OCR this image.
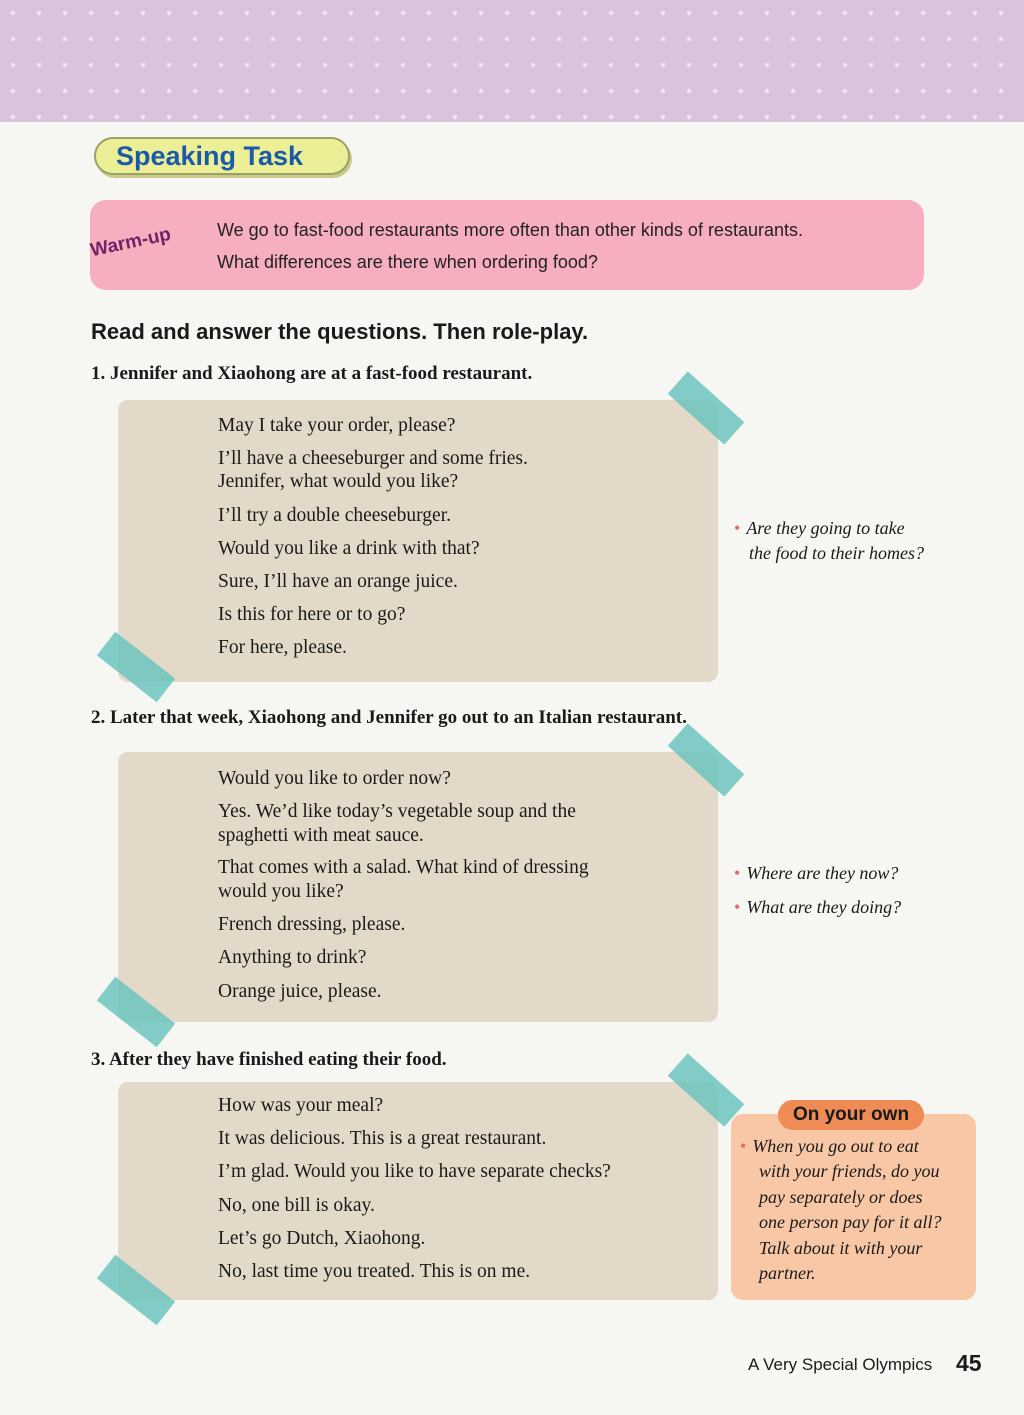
Speaking Task
Warm-up We go to fast-food restaurants more often than other kinds of restaurants.
What differences are there when ordering food?
Read and answer the questions. Then role-play.
1. Jennifer and Xiaohong are at a fast-food restaurant.
May I take your order, please?
I’ll have a cheeseburger and some fries.
Jennifer, what would you like?
I’ll try a double cheeseburger.
Would you like a drink with that?
Sure, I’ll have an orange juice.
Is this for here or to go?
For here, please.
• Are they going to take
the food to their homes?
2. Later that week, Xiaohong and Jennifer go out to an Italian restaurant.
Would you like to order now?
Yes. We’d like today’s vegetable soup and the
spaghetti with meat sauce.
That comes with a salad. What kind of dressing
would you like?
French dressing, please.
Anything to drink?
Orange juice, please.
• Where are they now?
• What are they doing?
3. After they have finished eating their food.
How was your meal?
It was delicious. This is a great restaurant.
I’m glad. Would you like to have separate checks?
No, one bill is okay.
Let’s go Dutch, Xiaohong.
No, last time you treated. This is on me.
On your own
• When you go out to eat
with your friends, do you
pay separately or does
one person pay for it all?
Talk about it with your
partner.
A Very Special Olympics 45
